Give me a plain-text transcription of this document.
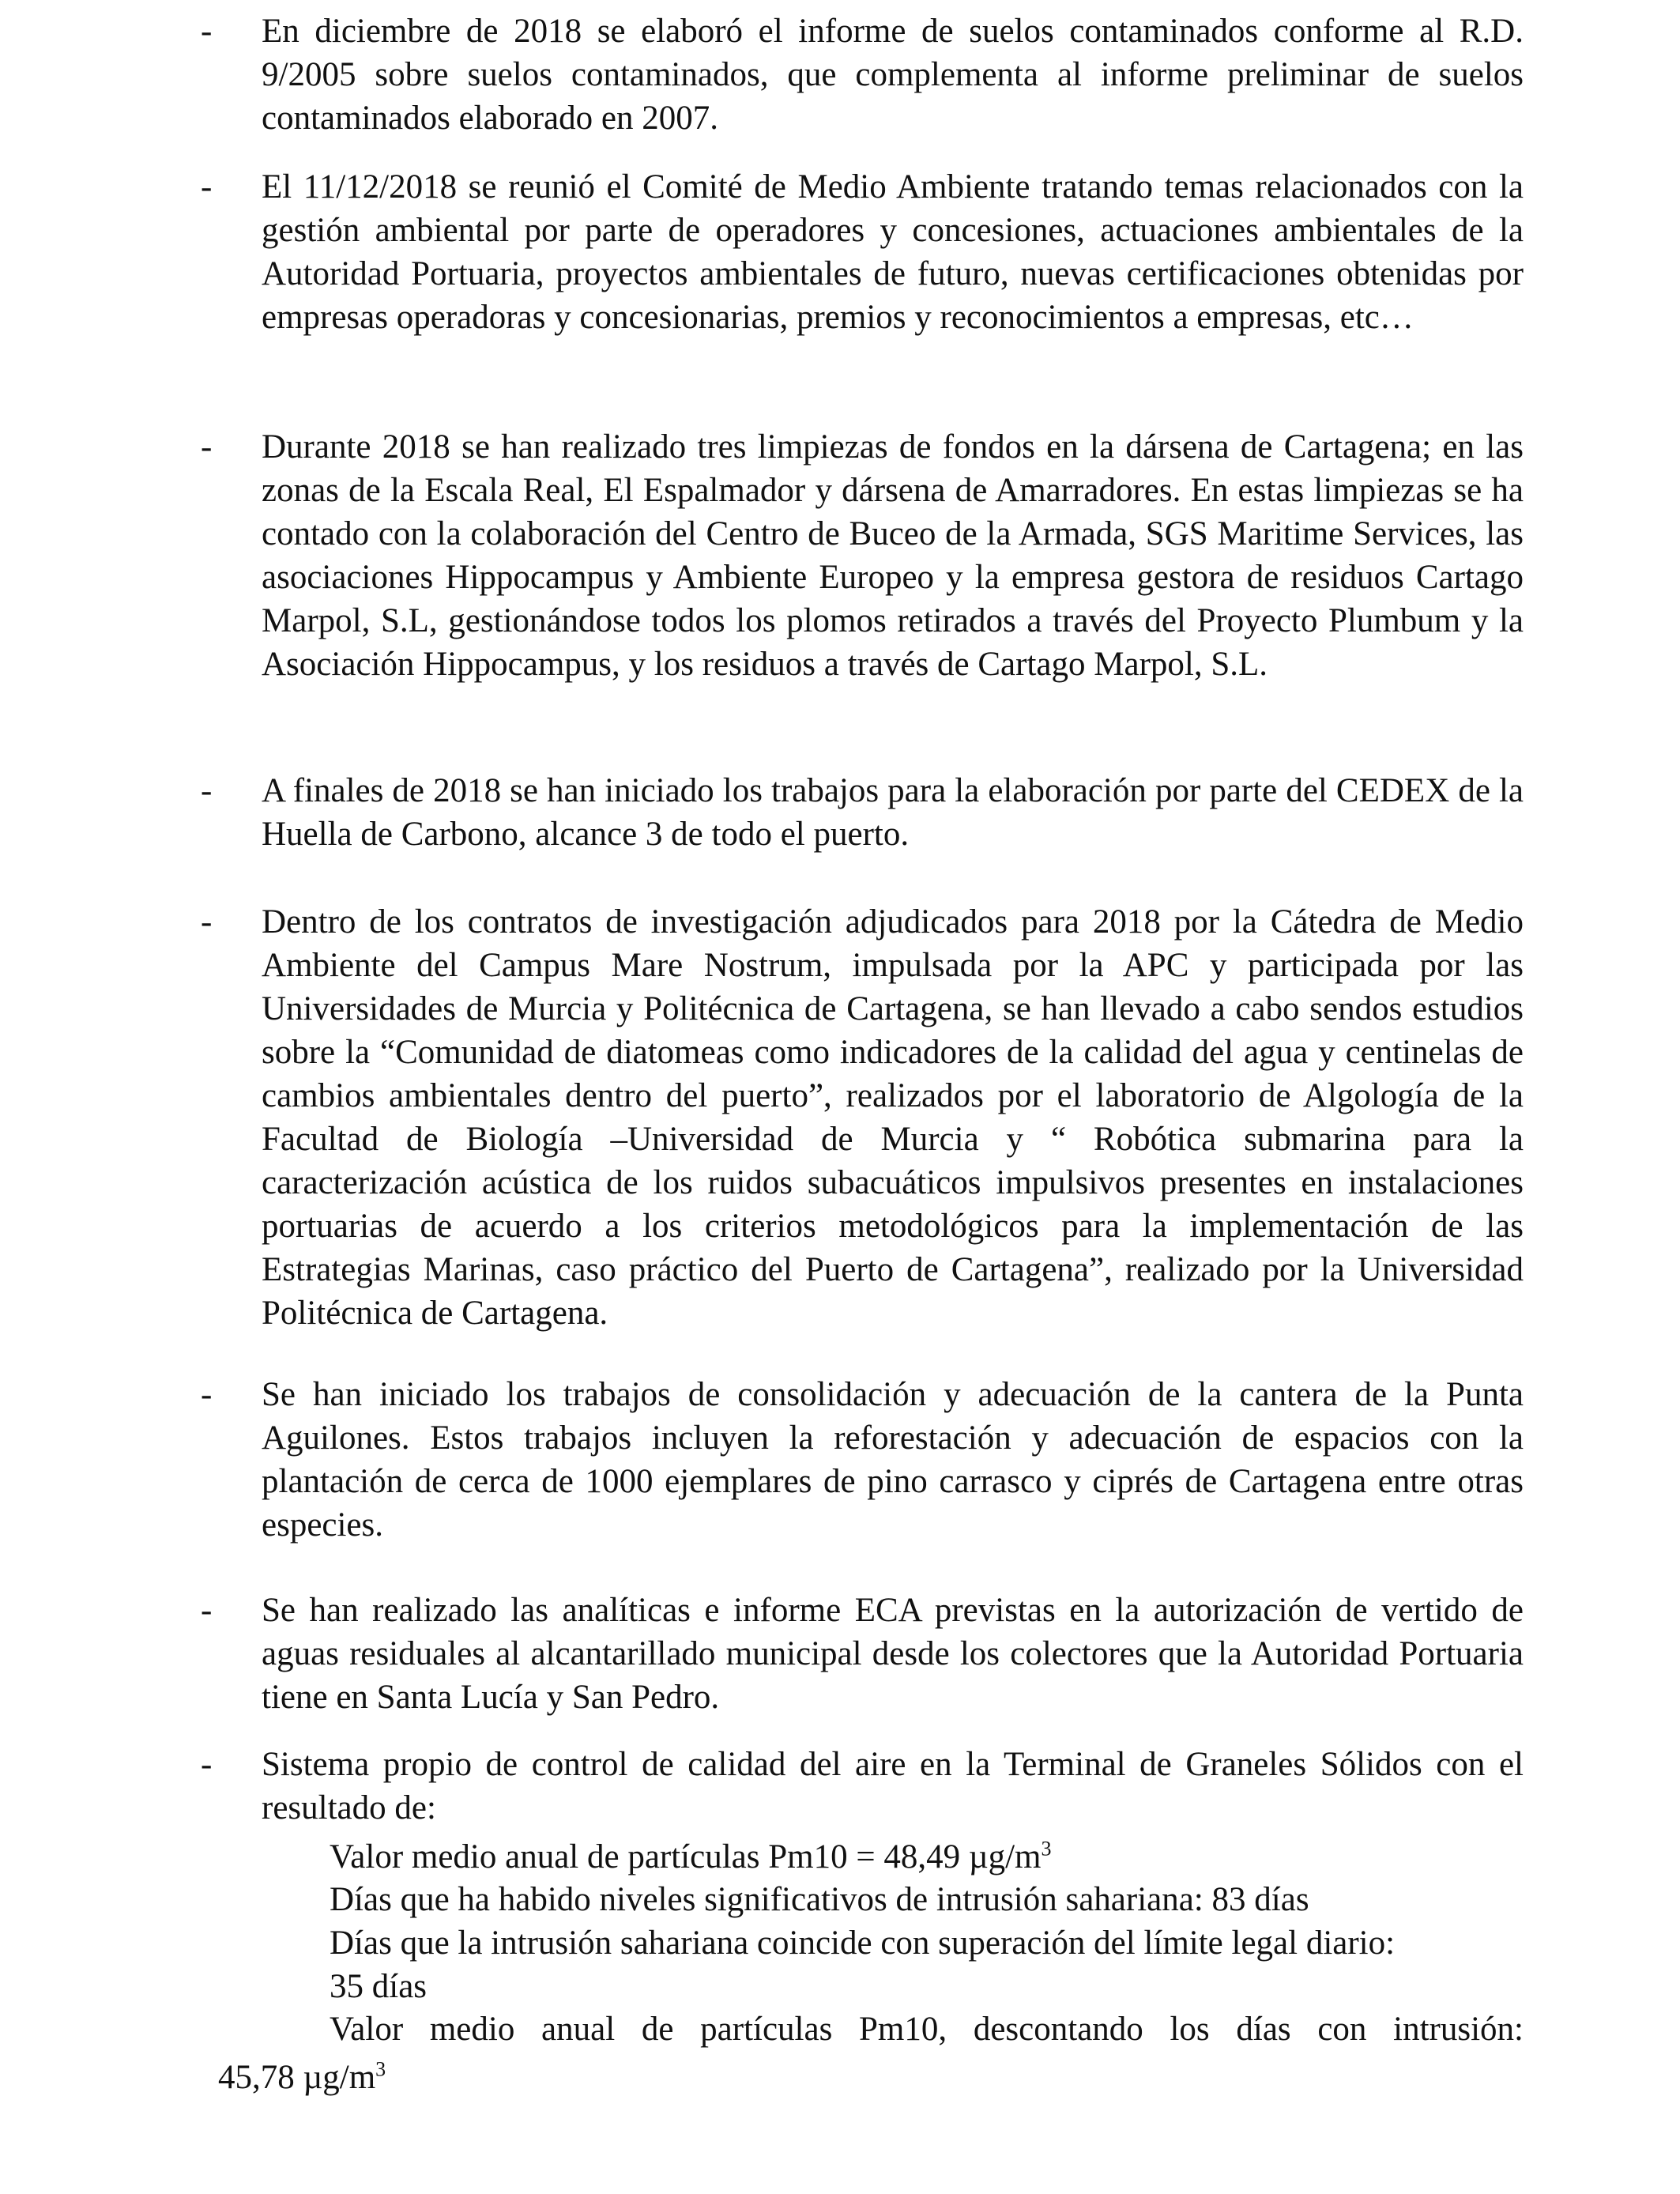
- En diciembre de 2018 se elaboró el informe de suelos contaminados conforme al R.D. 9/2005 sobre suelos contaminados, que complementa al informe preliminar de suelos contaminados elaborado en 2007.
- El 11/12/2018 se reunió el Comité de Medio Ambiente tratando temas relacionados con la gestión ambiental por parte de operadores y concesiones, actuaciones ambientales de la Autoridad Portuaria, proyectos ambientales de futuro, nuevas certificaciones obtenidas por empresas operadoras y concesionarias, premios y reconocimientos a empresas, etc…
- Durante 2018 se han realizado tres limpiezas de fondos en la dársena de Cartagena; en las zonas de la Escala Real, El Espalmador y dársena de Amarradores. En estas limpiezas se ha contado con la colaboración del Centro de Buceo de la Armada, SGS Maritime Services, las asociaciones Hippocampus y Ambiente Europeo y la empresa gestora de residuos Cartago Marpol, S.L, gestionándose todos los plomos retirados a través del Proyecto Plumbum y la Asociación Hippocampus, y los residuos a través de Cartago Marpol, S.L.
- A finales de 2018 se han iniciado los trabajos para la elaboración por parte del CEDEX de la Huella de Carbono, alcance 3 de todo el puerto.
- Dentro de los contratos de investigación adjudicados para 2018 por la Cátedra de Medio Ambiente del Campus Mare Nostrum, impulsada por la APC y participada por las Universidades de Murcia y Politécnica de Cartagena, se han llevado a cabo sendos estudios sobre la “Comunidad de diatomeas como indicadores de la calidad del agua y centinelas de cambios ambientales dentro del puerto”, realizados por el laboratorio de Algología de la Facultad de Biología –Universidad de Murcia y “ Robótica submarina para la caracterización acústica de los ruidos subacuáticos impulsivos presentes en instalaciones portuarias de acuerdo a los criterios metodológicos para la implementación de las Estrategias Marinas, caso práctico del Puerto de Cartagena”, realizado por la Universidad Politécnica de Cartagena.
- Se han iniciado los trabajos de consolidación y adecuación de la cantera de la Punta Aguilones. Estos trabajos incluyen la reforestación y adecuación de espacios con la plantación de cerca de 1000 ejemplares de pino carrasco y ciprés de Cartagena entre otras especies.
- Se han realizado las analíticas e informe ECA previstas en la autorización de vertido de aguas residuales al alcantarillado municipal desde los colectores que la Autoridad Portuaria tiene en Santa Lucía y San Pedro.
- Sistema propio de control de calidad del aire en la Terminal de Graneles Sólidos con el resultado de:
Valor medio anual de partículas Pm10 = 48,49 $\mu g/m^3$
Días que ha habido niveles significativos de intrusión sahariana: 83 días
Días que la intrusión sahariana coincide con superación del límite legal diario:
35 días
Valor medio anual de partículas Pm10, descontando los días con intrusión:
45,78 $\mu g/m^3$
